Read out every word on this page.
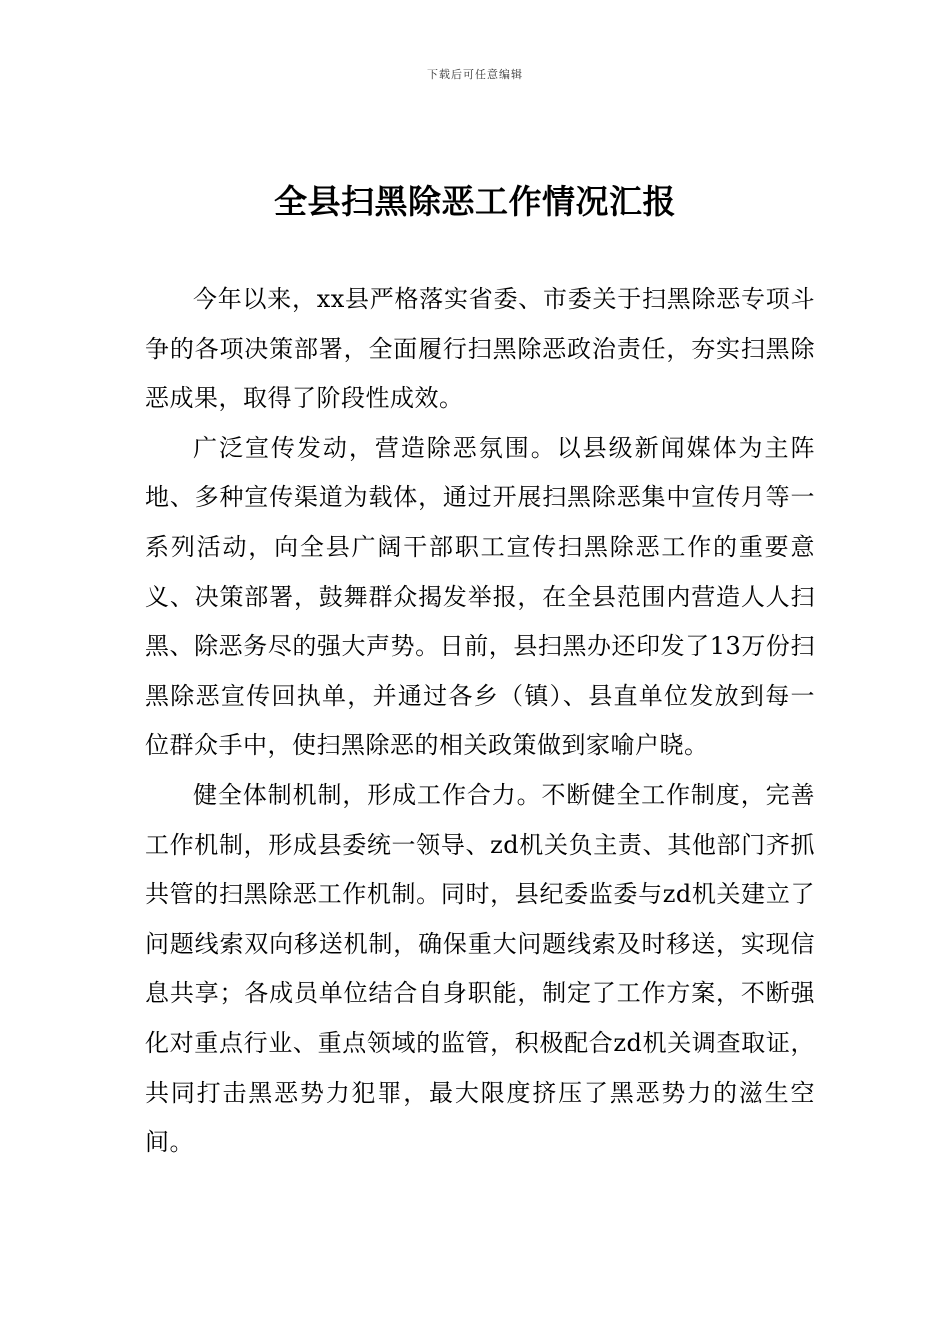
下载后可任意编辑
全县扫黑除恶工作情况汇报

今年以来，xx县严格落实省委、市委关于扫黑除恶专项斗争的各项决策部署，全面履行扫黑除恶政治责任，夯实扫黑除恶成果，取得了阶段性成效。

广泛宣传发动，营造除恶氛围。以县级新闻媒体为主阵地、多种宣传渠道为载体，通过开展扫黑除恶集中宣传月等一系列活动，向全县广阔干部职工宣传扫黑除恶工作的重要意义、决策部署，鼓舞群众揭发举报，在全县范围内营造人人扫黑、除恶务尽的强大声势。日前，县扫黑办还印发了13万份扫黑除恶宣传回执单，并通过各乡（镇）、县直单位发放到每一位群众手中，使扫黑除恶的相关政策做到家喻户晓。

健全体制机制，形成工作合力。不断健全工作制度，完善工作机制，形成县委统一领导、zd机关负主责、其他部门齐抓共管的扫黑除恶工作机制。同时，县纪委监委与zd机关建立了问题线索双向移送机制，确保重大问题线索及时移送，实现信息共享；各成员单位结合自身职能，制定了工作方案，不断强化对重点行业、重点领域的监管，积极配合zd机关调查取证，共同打击黑恶势力犯罪，最大限度挤压了黑恶势力的滋生空间。
